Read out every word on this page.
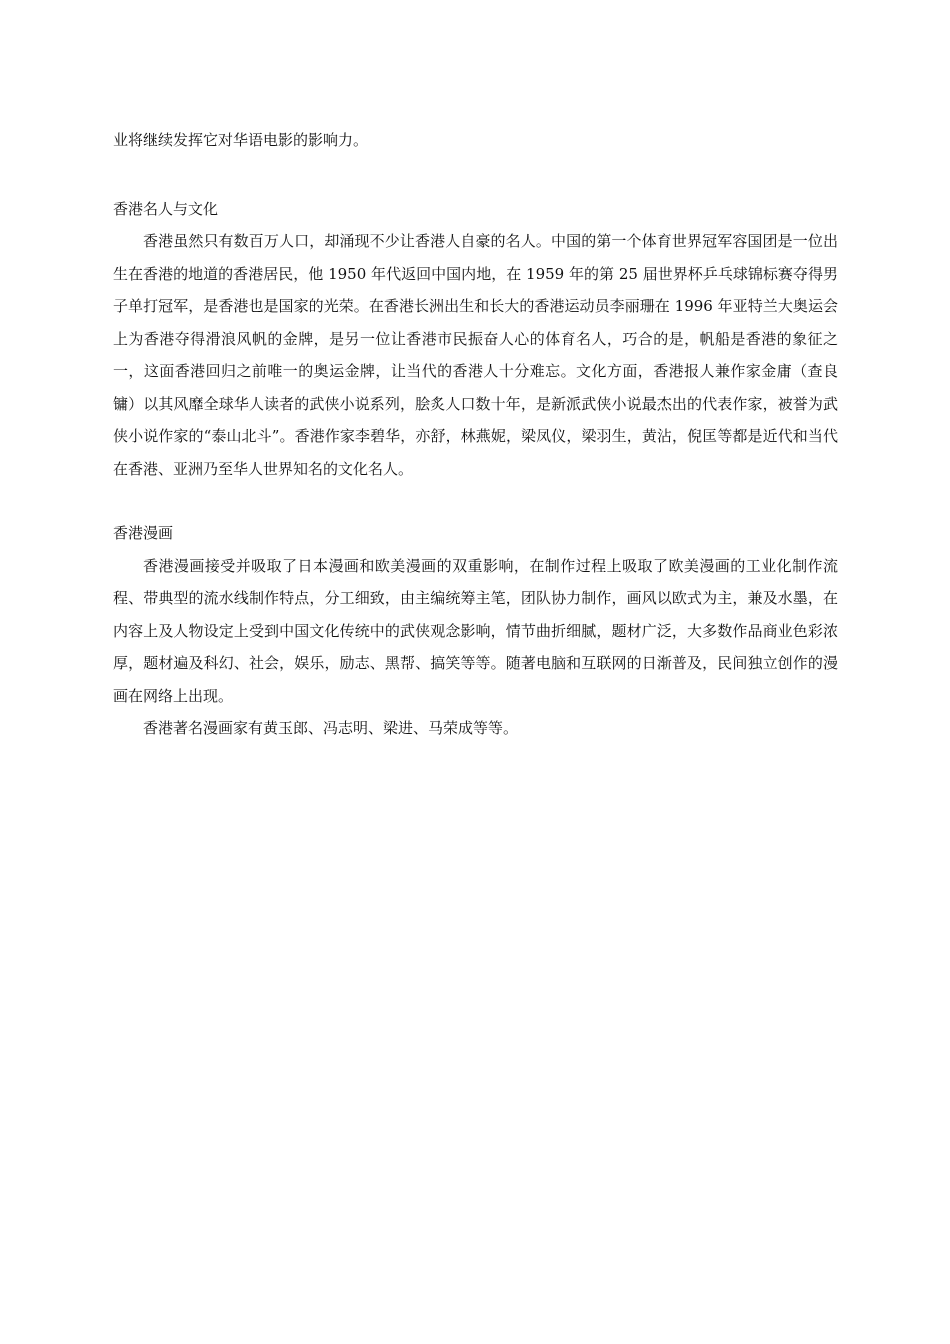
业将继续发挥它对华语电影的影响力。

香港名人与文化

香港虽然只有数百万人口，却涌现不少让香港人自豪的名人。中国的第一个体育世界冠军容国团是一位出生在香港的地道的香港居民，他 1950 年代返回中国内地，在 1959 年的第 25 届世界杯乒乓球锦标赛夺得男子单打冠军，是香港也是国家的光荣。在香港长洲出生和长大的香港运动员李丽珊在 1996 年亚特兰大奥运会上为香港夺得滑浪风帆的金牌，是另一位让香港市民振奋人心的体育名人，巧合的是，帆船是香港的象征之一，这面香港回归之前唯一的奥运金牌，让当代的香港人十分难忘。文化方面，香港报人兼作家金庸（查良镛）以其风靡全球华人读者的武侠小说系列，脍炙人口数十年，是新派武侠小说最杰出的代表作家，被誉为武侠小说作家的“泰山北斗”。香港作家李碧华，亦舒，林燕妮，梁凤仪，梁羽生，黄沾，倪匡等都是近代和当代在香港、亚洲乃至华人世界知名的文化名人。

香港漫画

香港漫画接受并吸取了日本漫画和欧美漫画的双重影响，在制作过程上吸取了欧美漫画的工业化制作流程、带典型的流水线制作特点，分工细致，由主编统筹主笔，团队协力制作，画风以欧式为主，兼及水墨，在内容上及人物设定上受到中国文化传统中的武侠观念影响，情节曲折细腻，题材广泛，大多数作品商业色彩浓厚，题材遍及科幻、社会，娱乐，励志、黑帮、搞笑等等。随著电脑和互联网的日渐普及，民间独立创作的漫画在网络上出现。

香港著名漫画家有黄玉郎、冯志明、梁进、马荣成等等。
